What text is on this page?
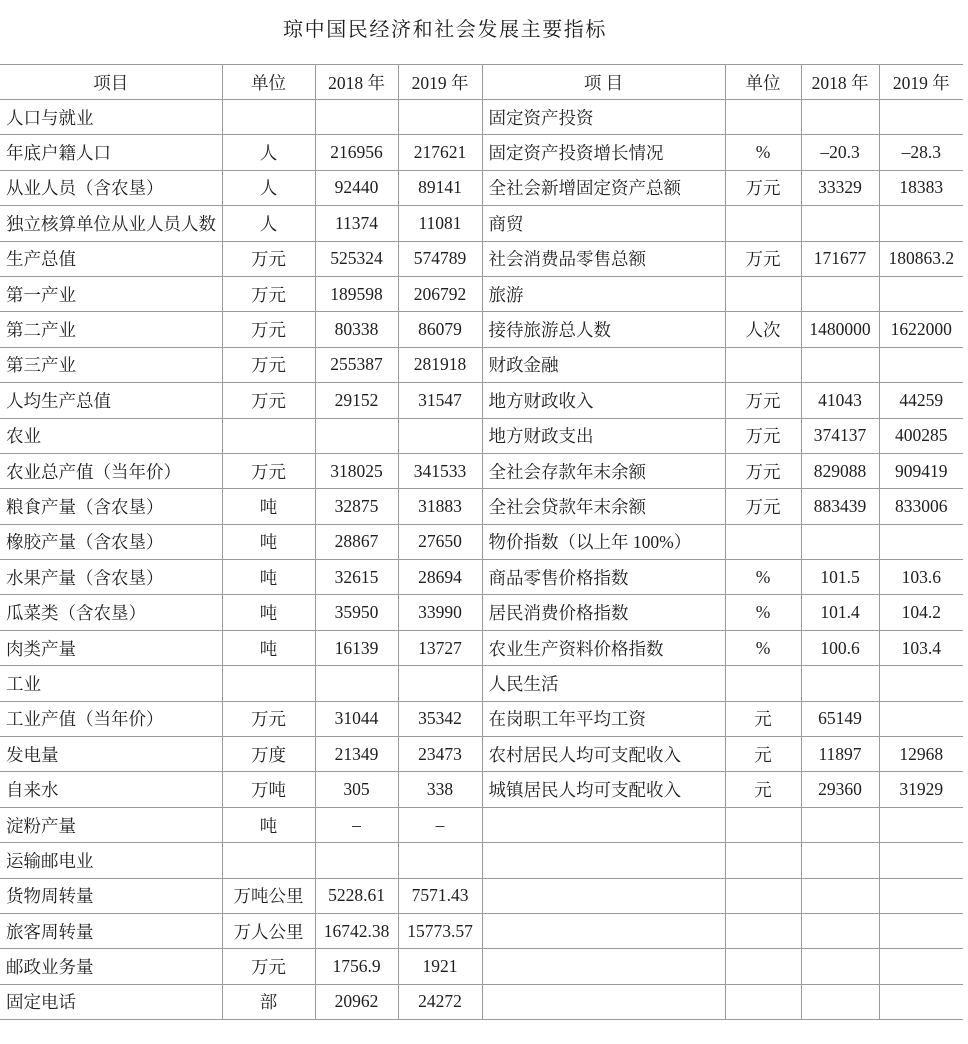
琼中国民经济和社会发展主要指标
项目	单位	2018 年	2019 年	项 目	单位	2018 年	2019 年
人口与就业				固定资产投资			
年底户籍人口	人	216956	217621	固定资产投资增长情况	%	–20.3	–28.3
从业人员（含农垦）	人	92440	89141	全社会新增固定资产总额	万元	33329	18383
独立核算单位从业人员人数	人	11374	11081	商贸			
生产总值	万元	525324	574789	社会消费品零售总额	万元	171677	180863.2
第一产业	万元	189598	206792	旅游			
第二产业	万元	80338	86079	接待旅游总人数	人次	1480000	1622000
第三产业	万元	255387	281918	财政金融			
人均生产总值	万元	29152	31547	地方财政收入	万元	41043	44259
农业				地方财政支出	万元	374137	400285
农业总产值（当年价）	万元	318025	341533	全社会存款年末余额	万元	829088	909419
粮食产量（含农垦）	吨	32875	31883	全社会贷款年末余额	万元	883439	833006
橡胶产量（含农垦）	吨	28867	27650	物价指数（以上年 100%）			
水果产量（含农垦）	吨	32615	28694	商品零售价格指数	%	101.5	103.6
瓜菜类（含农垦）	吨	35950	33990	居民消费价格指数	%	101.4	104.2
肉类产量	吨	16139	13727	农业生产资料价格指数	%	100.6	103.4
工业				人民生活			
工业产值（当年价）	万元	31044	35342	在岗职工年平均工资	元	65149	
发电量	万度	21349	23473	农村居民人均可支配收入	元	11897	12968
自来水	万吨	305	338	城镇居民人均可支配收入	元	29360	31929
淀粉产量	吨	–	–				
运输邮电业							
货物周转量	万吨公里	5228.61	7571.43				
旅客周转量	万人公里	16742.38	15773.57				
邮政业务量	万元	1756.9	1921				
固定电话	部	20962	24272				
